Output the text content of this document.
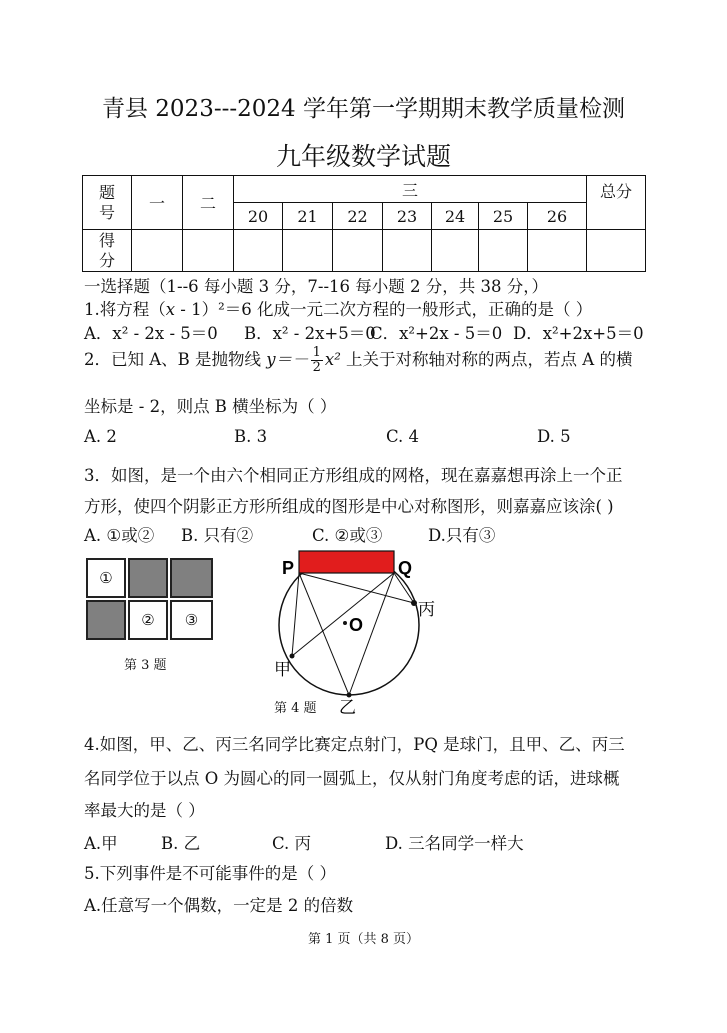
青县 2023---2024 学年第一学期期末教学质量检测
九年级数学试题
题
号	一	二	三							总分
			20	21	22	23	24	25	26	
得
分										
一选择题（1--6 每小题 3 分，7--16 每小题 2 分，共 38 分，）
1.将方程（x - 1）²＝6 化成一元二次方程的一般形式，正确的是（ ）
A．x² - 2x - 5＝0 B．x² - 2x+5＝0
C．x²+2x - 5＝0 D．x²+2x+5＝0
2．已知 A、B 是抛物线 $y=- \frac{1}{2} x^2$ 上关于对称轴对称的两点，若点 A 的横
坐标是 - 2，则点 B 横坐标为（ ）
A. 2	B. 3	C. 4	D. 5
3．如图，是一个由六个相同正方形组成的网格，现在嘉嘉想再涂上一个正
方形，使四个阴影正方形所组成的图形是中心对称图形，则嘉嘉应该涂( )
A. ①或② B. 只有②	C. ②或③	D.只有③
①
② ③
第 3 题
P	Q
O
丙
甲
乙
第 4 题
4.如图，甲、乙、丙三名同学比赛定点射门，PQ 是球门，且甲、乙、丙三
名同学位于以点 O 为圆心的同一圆弧上，仅从射门角度考虑的话，进球概
率最大的是（ ）
A.甲	B. 乙	C. 丙	D. 三名同学一样大
5.下列事件是不可能事件的是（ ）
A.任意写一个偶数，一定是 2 的倍数
第 1 页（共 8 页）
